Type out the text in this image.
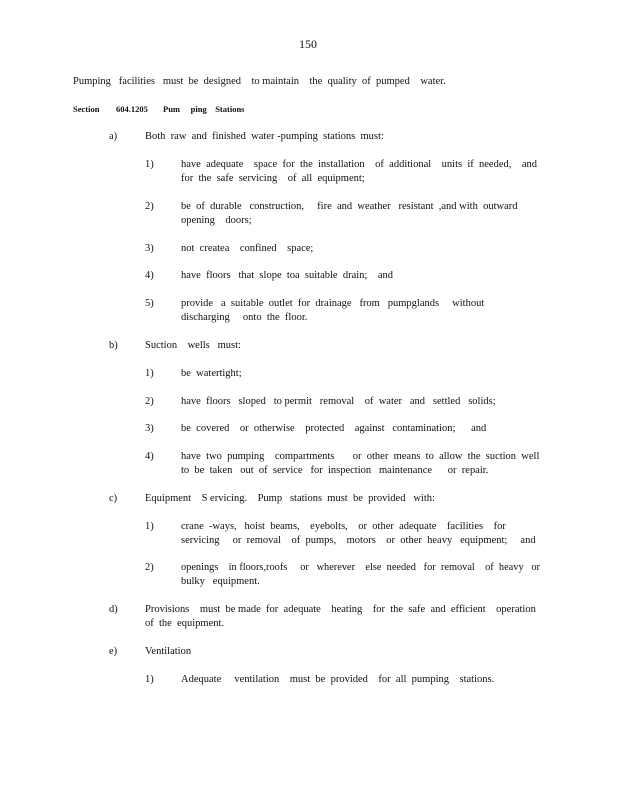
150
Pumping   facilities   must  be  designed    to maintain    the  quality  of  pumped    water.
Section 604.1205 Pum     ping    Stations
a)	Both  raw  and  finished  water -pumping  stations  must:
1)	have  adequate    space  for  the  installation    of  additional    units  if  needed,    and
for  the  safe  servicing    of  all  equipment;
2)	be  of  durable   construction,     fire  and  weather   resistant  ,and with  outward
opening    doors;
3)	not  createa    confined    space;
4)	have  floors   that  slope  toa  suitable  drain;    and
5)	provide   a  suitable  outlet  for  drainage   from   pumpglands     without
discharging     onto  the  floor.
b)	Suction    wells   must:
1)	be  watertight;
2)	have  floors   sloped   to permit   removal    of  water   and   settled   solids;
3)	be  covered    or  otherwise    protected    against   contamination;      and
4)	have  two  pumping    compartments       or  other  means  to  allow  the  suction  well
to  be  taken   out  of  service   for  inspection   maintenance      or  repair.
c)	Equipment    S ervicing.    Pump   stations  must  be  provided   with:
1)	crane  -ways,   hoist  beams,    eyebolts,    or  other  adequate    facilities    for
servicing     or  removal    of  pumps,    motors    or  other  heavy   equipment;     and
2)	openings    in floors,roofs     or   wherever    else  needed   for  removal    of  heavy   or
bulky   equipment.
d)	Provisions    must  be made  for  adequate    heating    for  the  safe  and  efficient    operation
of  the  equipment.
e)	Ventilation
1)	Adequate     ventilation    must  be  provided    for  all  pumping    stations.
